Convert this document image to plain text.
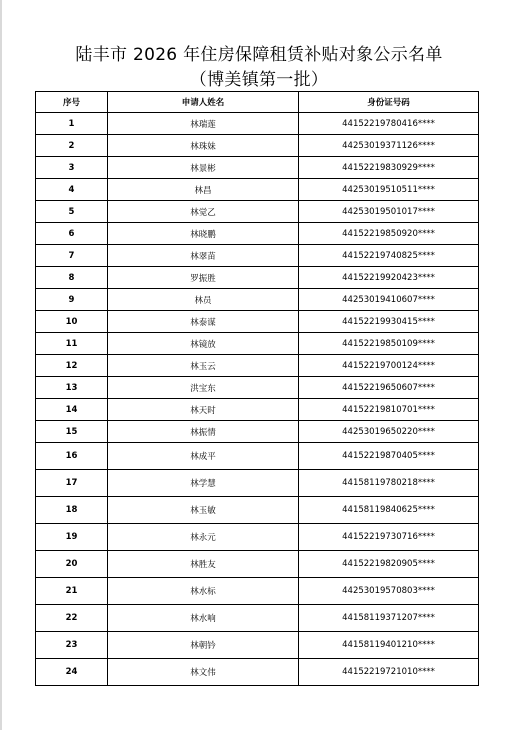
陆丰市 2026 年住房保障租赁补贴对象公示名单
（博美镇第一批）
序号	申请人姓名	身份证号码
1	林瑞莲	44152219780416****
2	林珠妹	44253019371126****
3	林景彬	44152219830929****
4	林昌	44253019510511****
5	林觉乙	44253019501017****
6	林晓鹏	44152219850920****
7	林翠苗	44152219740825****
8	罗振胜	44152219920423****
9	林员	44253019410607****
10	林泰谋	44152219930415****
11	林镜放	44152219850109****
12	林玉云	44152219700124****
13	洪宝东	44152219650607****
14	林天时	44152219810701****
15	林振情	44253019650220****
16	林成平	44152219870405****
17	林学慧	44158119780218****
18	林玉敏	44158119840625****
19	林永元	44152219730716****
20	林胜友	44152219820905****
21	林水标	44253019570803****
22	林水响	44158119371207****
23	林朝钤	44158119401210****
24	林文伟	44152219721010****
